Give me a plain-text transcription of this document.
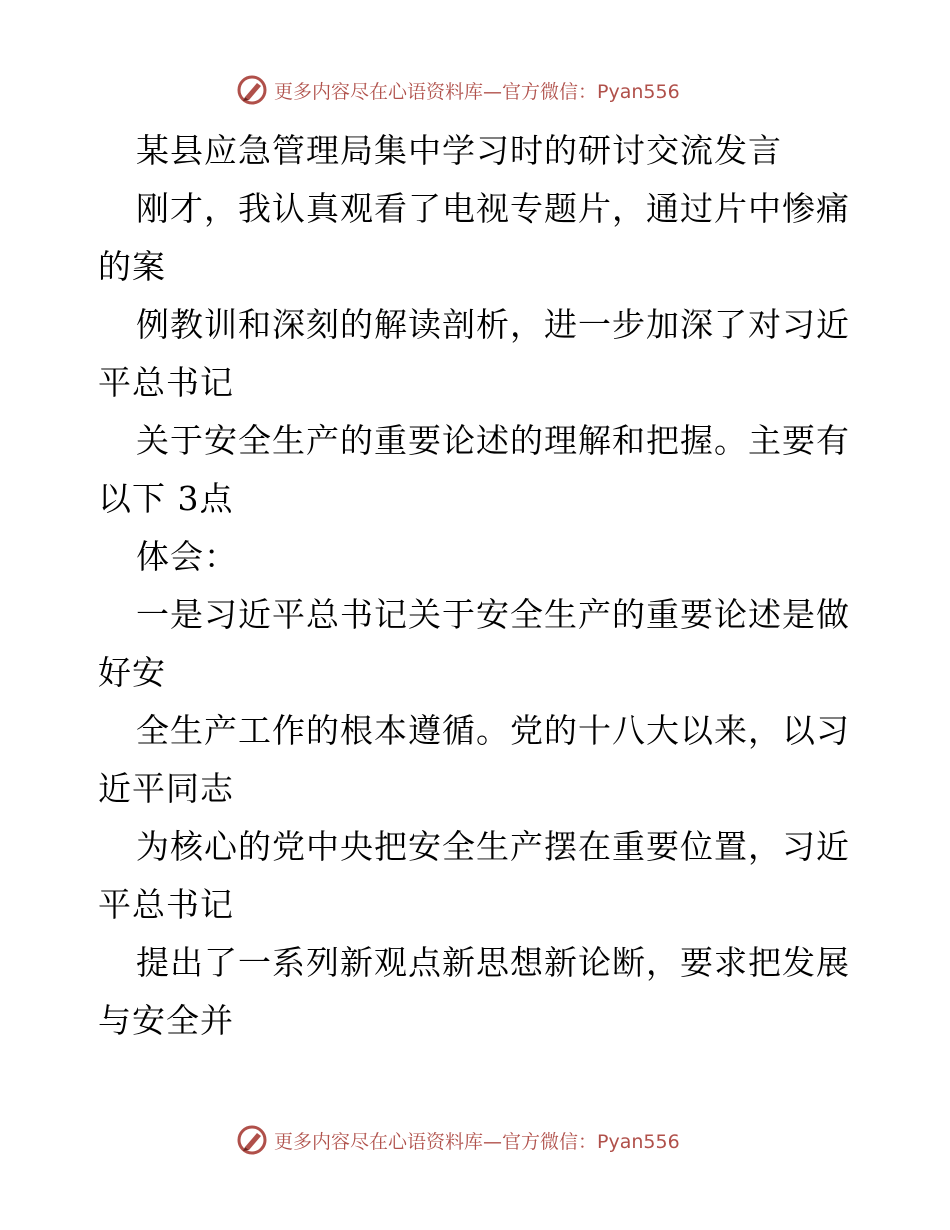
更多内容尽在心语资料库—官方微信：Pyan556
某县应急管理局集中学习时的研讨交流发言
刚才，我认真观看了电视专题片，通过片中惨痛
的案
例教训和深刻的解读剖析，进一步加深了对习近
平总书记
关于安全生产的重要论述的理解和把握。主要有
以下 3点
体会：
一是习近平总书记关于安全生产的重要论述是做
好安
全生产工作的根本遵循。党的十八大以来，以习
近平同志
为核心的党中央把安全生产摆在重要位置，习近
平总书记
提出了一系列新观点新思想新论断，要求把发展
与安全并
更多内容尽在心语资料库—官方微信：Pyan556
